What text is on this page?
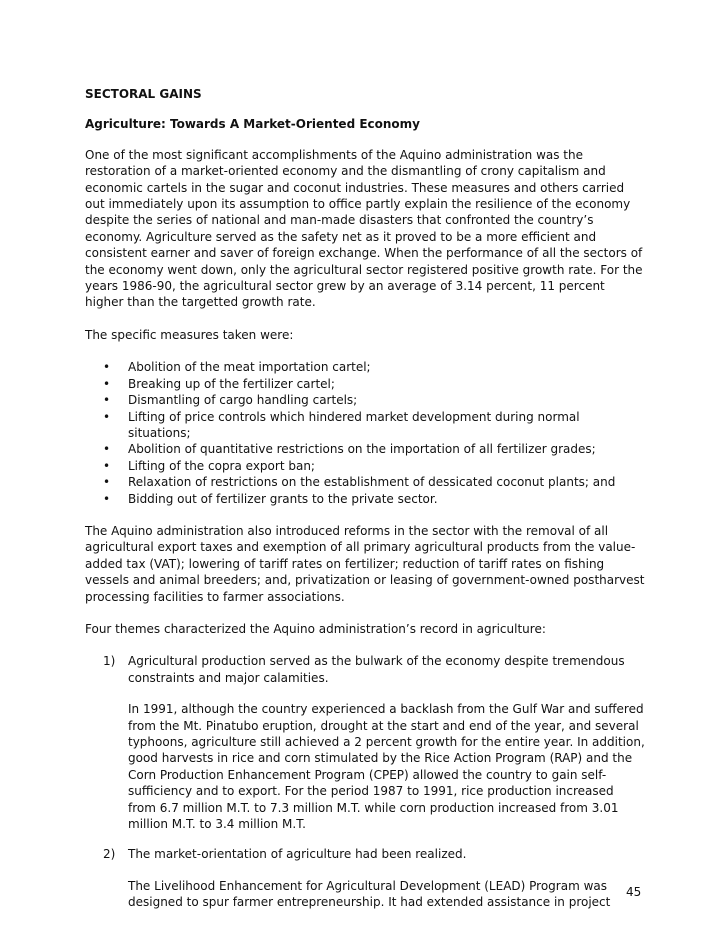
SECTORAL GAINS
Agriculture: Towards A Market-Oriented Economy

One of the most significant accomplishments of the Aquino administration was the restoration of a market-oriented economy and the dismantling of crony capitalism and economic cartels in the sugar and coconut industries. These measures and others carried out immediately upon its assumption to office partly explain the resilience of the economy despite the series of national and man-made disasters that confronted the country’s economy. Agriculture served as the safety net as it proved to be a more efficient and consistent earner and saver of foreign exchange. When the performance of all the sectors of the economy went down, only the agricultural sector registered positive growth rate. For the years 1986-90, the agricultural sector grew by an average of 3.14 percent, 11 percent higher than the targetted growth rate.

The specific measures taken were:

• Abolition of the meat importation cartel;
• Breaking up of the fertilizer cartel;
• Dismantling of cargo handling cartels;
• Lifting of price controls which hindered market development during normal situations;
• Abolition of quantitative restrictions on the importation of all fertilizer grades;
• Lifting of the copra export ban;
• Relaxation of restrictions on the establishment of dessicated coconut plants; and
• Bidding out of fertilizer grants to the private sector.

The Aquino administration also introduced reforms in the sector with the removal of all agricultural export taxes and exemption of all primary agricultural products from the value-added tax (VAT); lowering of tariff rates on fertilizer; reduction of tariff rates on fishing vessels and animal breeders; and, privatization or leasing of government-owned postharvest processing facilities to farmer associations.

Four themes characterized the Aquino administration’s record in agriculture:

1) Agricultural production served as the bulwark of the economy despite tremendous constraints and major calamities.

In 1991, although the country experienced a backlash from the Gulf War and suffered from the Mt. Pinatubo eruption, drought at the start and end of the year, and several typhoons, agriculture still achieved a 2 percent growth for the entire year. In addition, good harvests in rice and corn stimulated by the Rice Action Program (RAP) and the Corn Production Enhancement Program (CPEP) allowed the country to gain self-sufficiency and to export. For the period 1987 to 1991, rice production increased from 6.7 million M.T. to 7.3 million M.T. while corn production increased from 3.01 million M.T. to 3.4 million M.T.

2) The market-orientation of agriculture had been realized.

The Livelihood Enhancement for Agricultural Development (LEAD) Program was designed to spur farmer entrepreneurship. It had extended assistance in project

45
